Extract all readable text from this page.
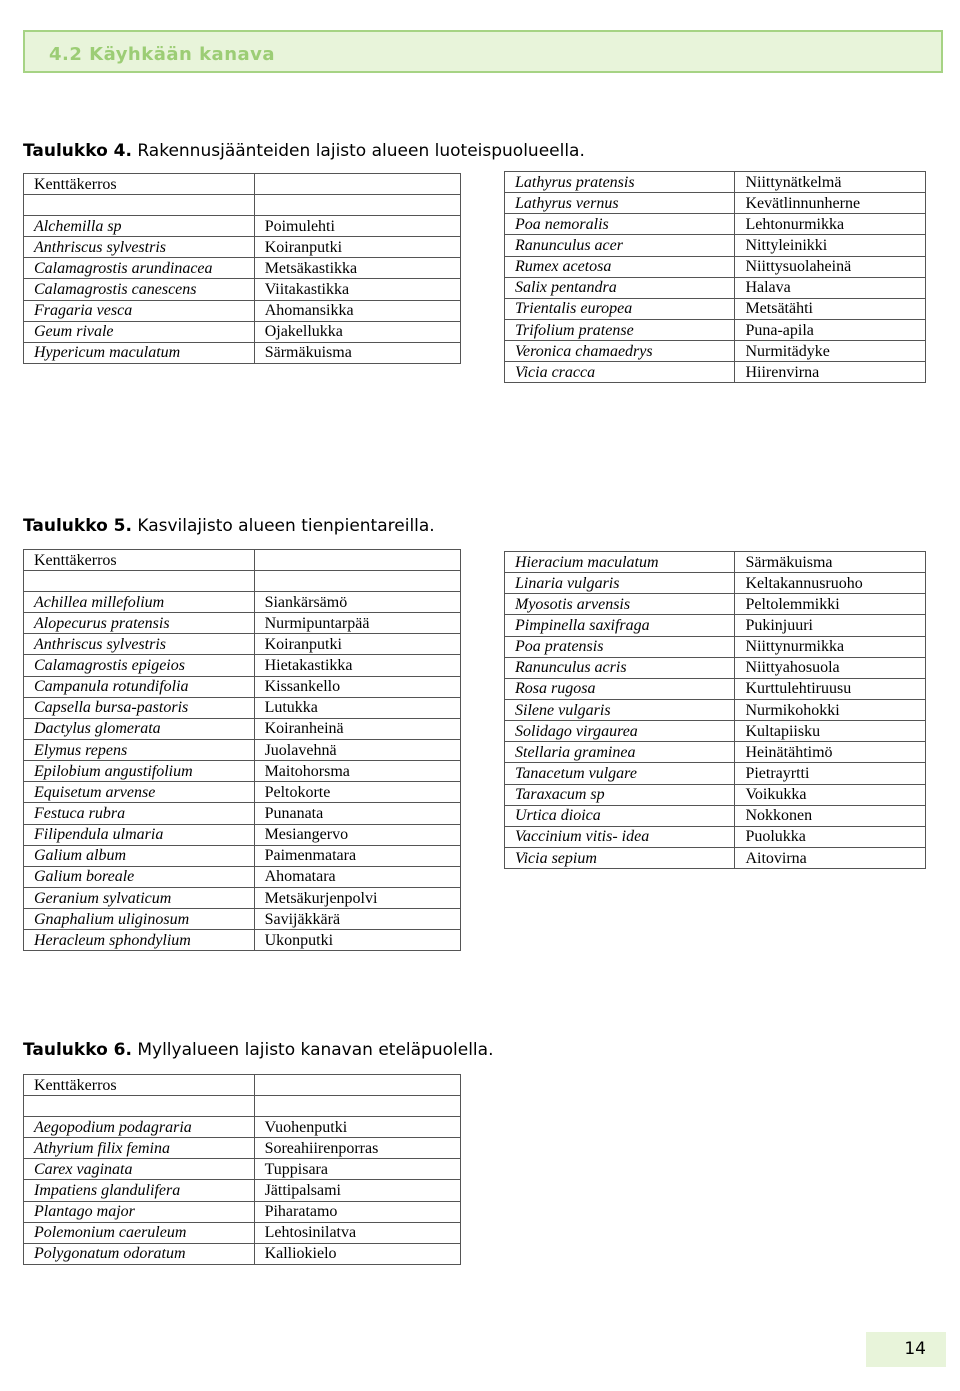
4.2 Käyhkään kanava
Taulukko 4. Rakennusjäänteiden lajisto alueen luoteispuolueella.
Kenttäkerros	

Alchemilla sp	Poimulehti
Anthriscus sylvestris	Koiranputki
Calamagrostis arundinacea	Metsäkastikka
Calamagrostis canescens	Viitakastikka
Fragaria vesca	Ahomansikka
Geum rivale	Ojakellukka
Hypericum maculatum	Särmäkuisma
Lathyrus pratensis	Niittynätkelmä
Lathyrus vernus	Kevätlinnunherne
Poa nemoralis	Lehtonurmikka
Ranunculus acer	Nittyleinikki
Rumex acetosa	Niittysuolaheinä
Salix pentandra	Halava
Trientalis europea	Metsätähti
Trifolium pratense	Puna-apila
Veronica chamaedrys	Nurmitädyke
Vicia cracca	Hiirenvirna
Taulukko 5. Kasvilajisto alueen tienpientareilla.
Kenttäkerros	

Achillea millefolium	Siankärsämö
Alopecurus pratensis	Nurmipuntarpää
Anthriscus sylvestris	Koiranputki
Calamagrostis epigeios	Hietakastikka
Campanula rotundifolia	Kissankello
Capsella bursa-pastoris	Lutukka
Dactylus glomerata	Koiranheinä
Elymus repens	Juolavehnä
Epilobium angustifolium	Maitohorsma
Equisetum arvense	Peltokorte
Festuca rubra	Punanata
Filipendula ulmaria	Mesiangervo
Galium album	Paimenmatara
Galium boreale	Ahomatara
Geranium sylvaticum	Metsäkurjenpolvi
Gnaphalium uliginosum	Savijäkkärä
Heracleum sphondylium	Ukonputki
Hieracium maculatum	Särmäkuisma
Linaria vulgaris	Keltakannusruoho
Myosotis arvensis	Peltolemmikki
Pimpinella saxifraga	Pukinjuuri
Poa pratensis	Niittynurmikka
Ranunculus acris	Niittyahosuola
Rosa rugosa	Kurttulehtiruusu
Silene vulgaris	Nurmikohokki
Solidago virgaurea	Kultapiisku
Stellaria graminea	Heinätähtimö
Tanacetum vulgare	Pietrayrtti
Taraxacum sp	Voikukka
Urtica dioica	Nokkonen
Vaccinium vitis- idea	Puolukka
Vicia sepium	Aitovirna
Taulukko 6. Myllyalueen lajisto kanavan eteläpuolella.
Kenttäkerros	

Aegopodium podagraria	Vuohenputki
Athyrium filix femina	Soreahiirenporras
Carex vaginata	Tuppisara
Impatiens glandulifera	Jättipalsami
Plantago major	Piharatamo
Polemonium caeruleum	Lehtosinilatva
Polygonatum odoratum	Kalliokielo
14
